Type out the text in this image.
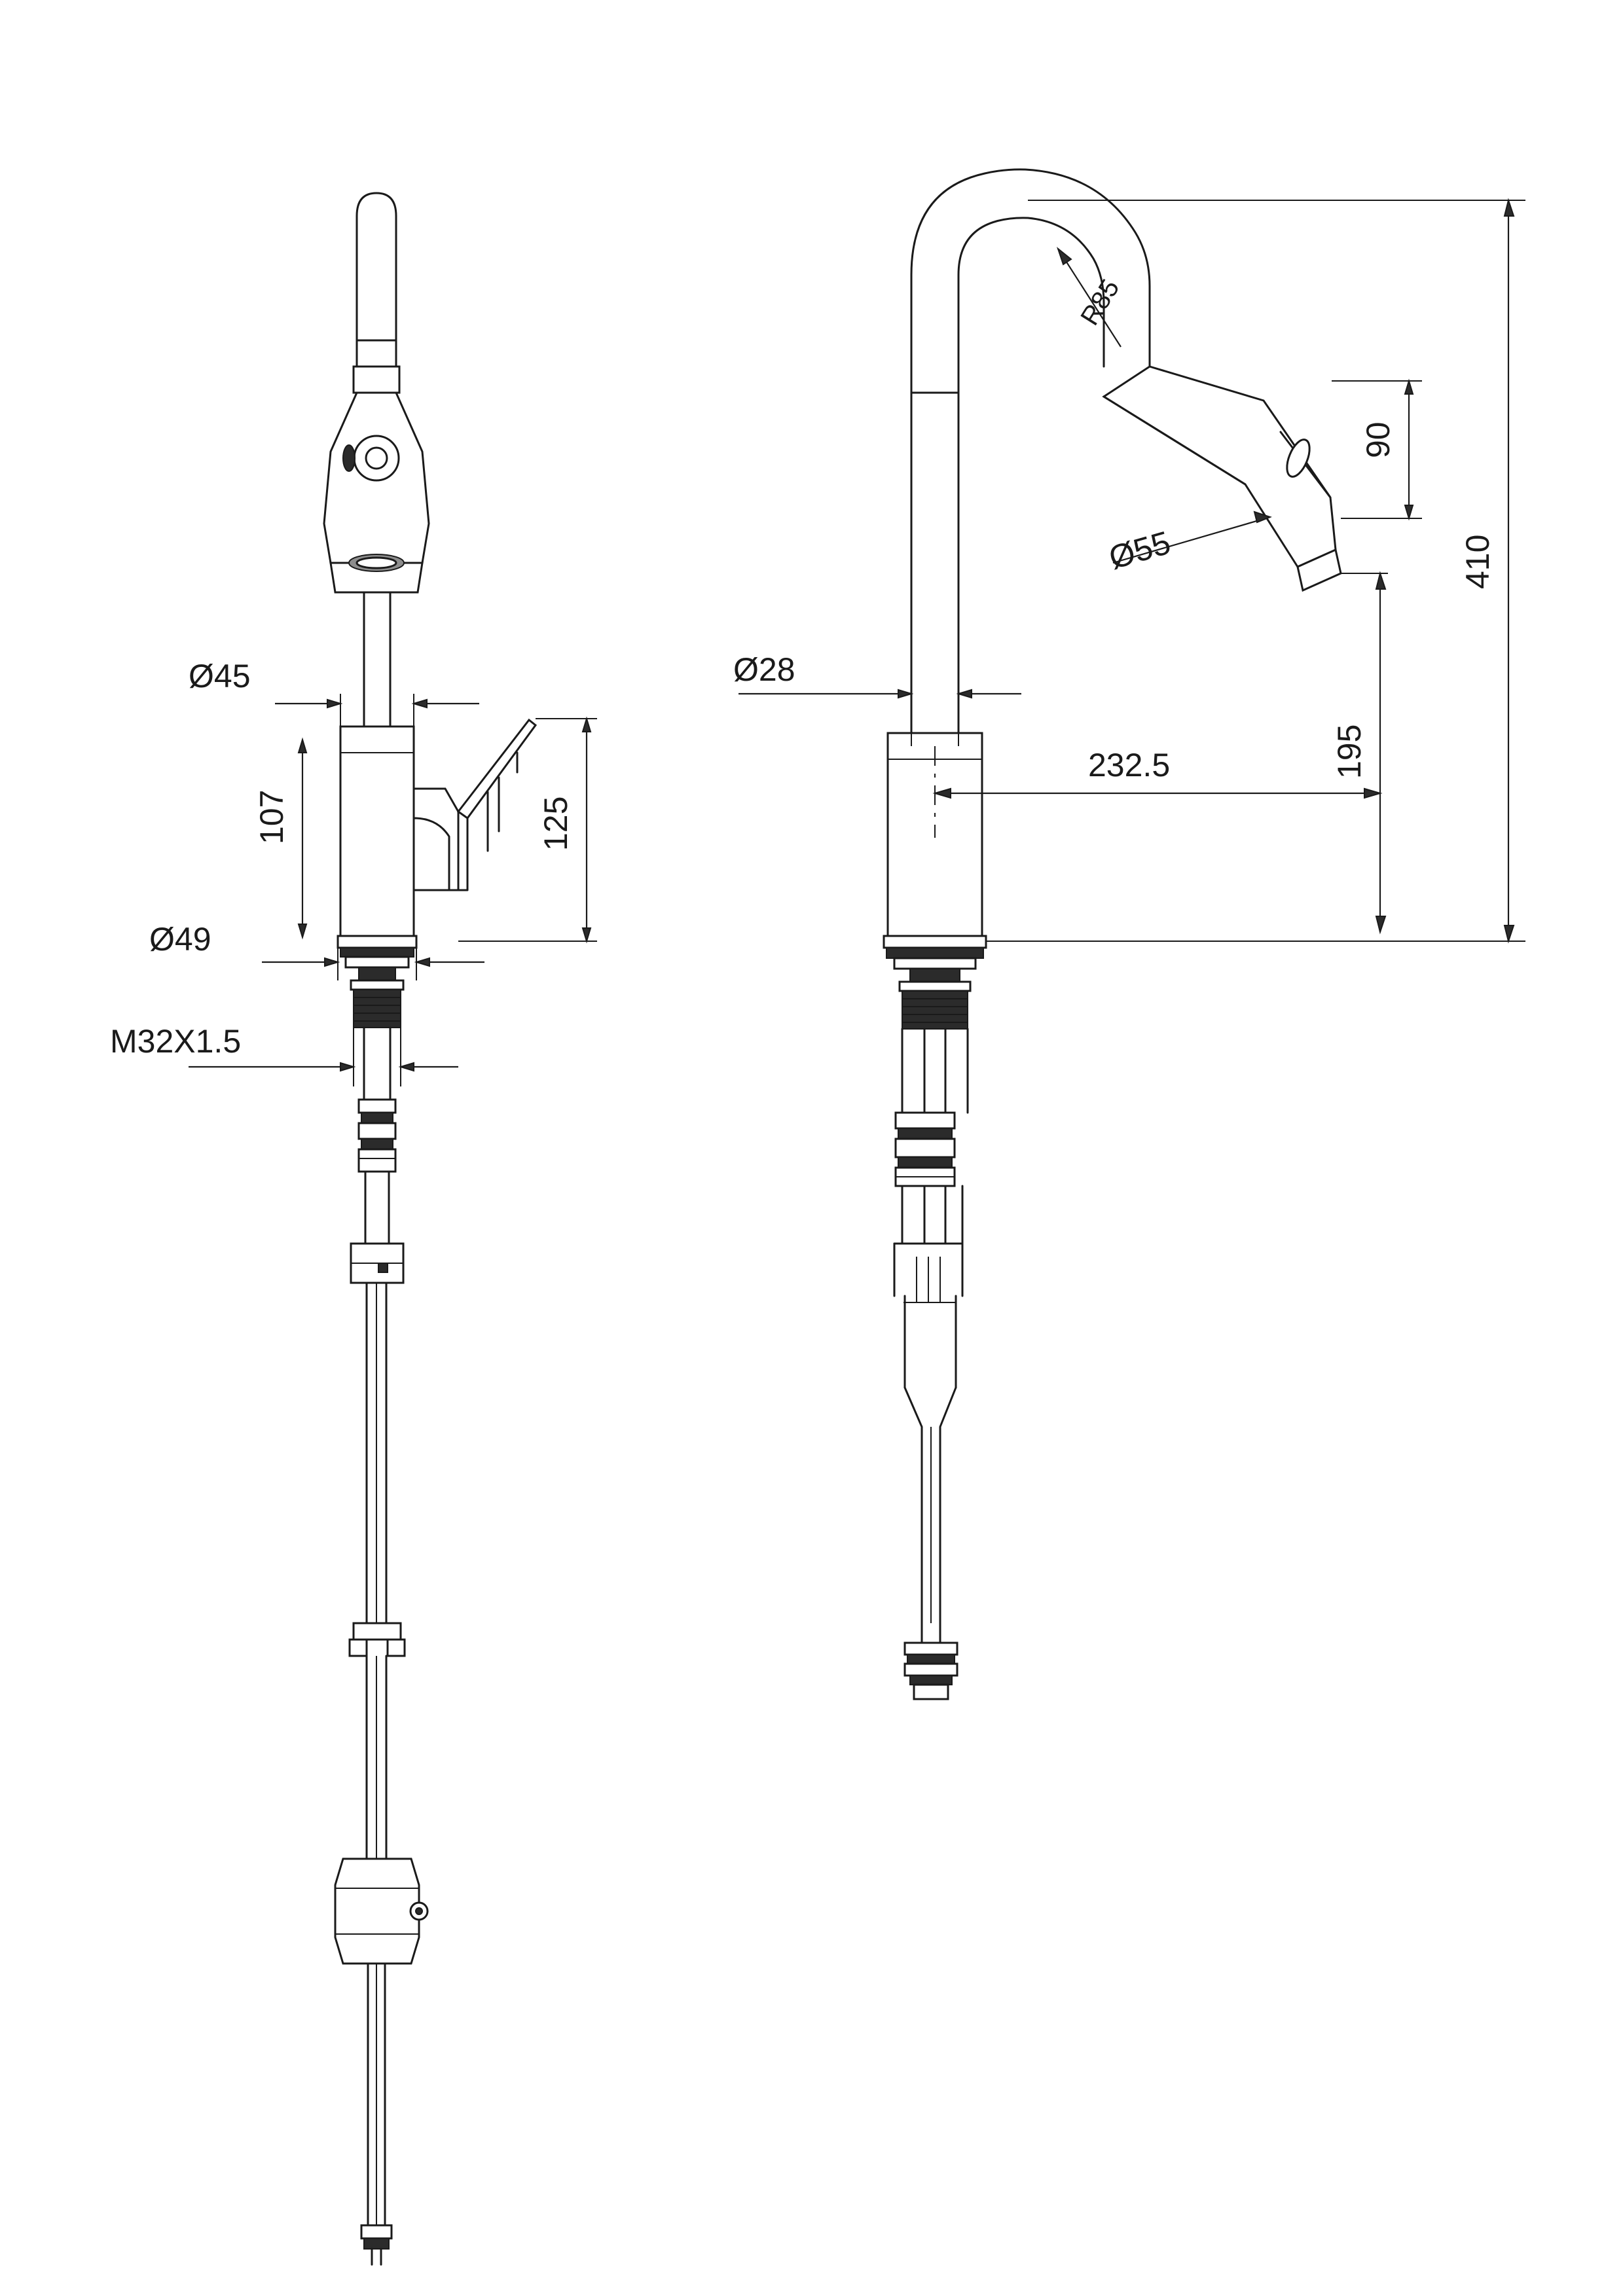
Ø45
Ø49
M32X1.5
107	125
R85
Ø55
90
Ø28
232.5	195
410
